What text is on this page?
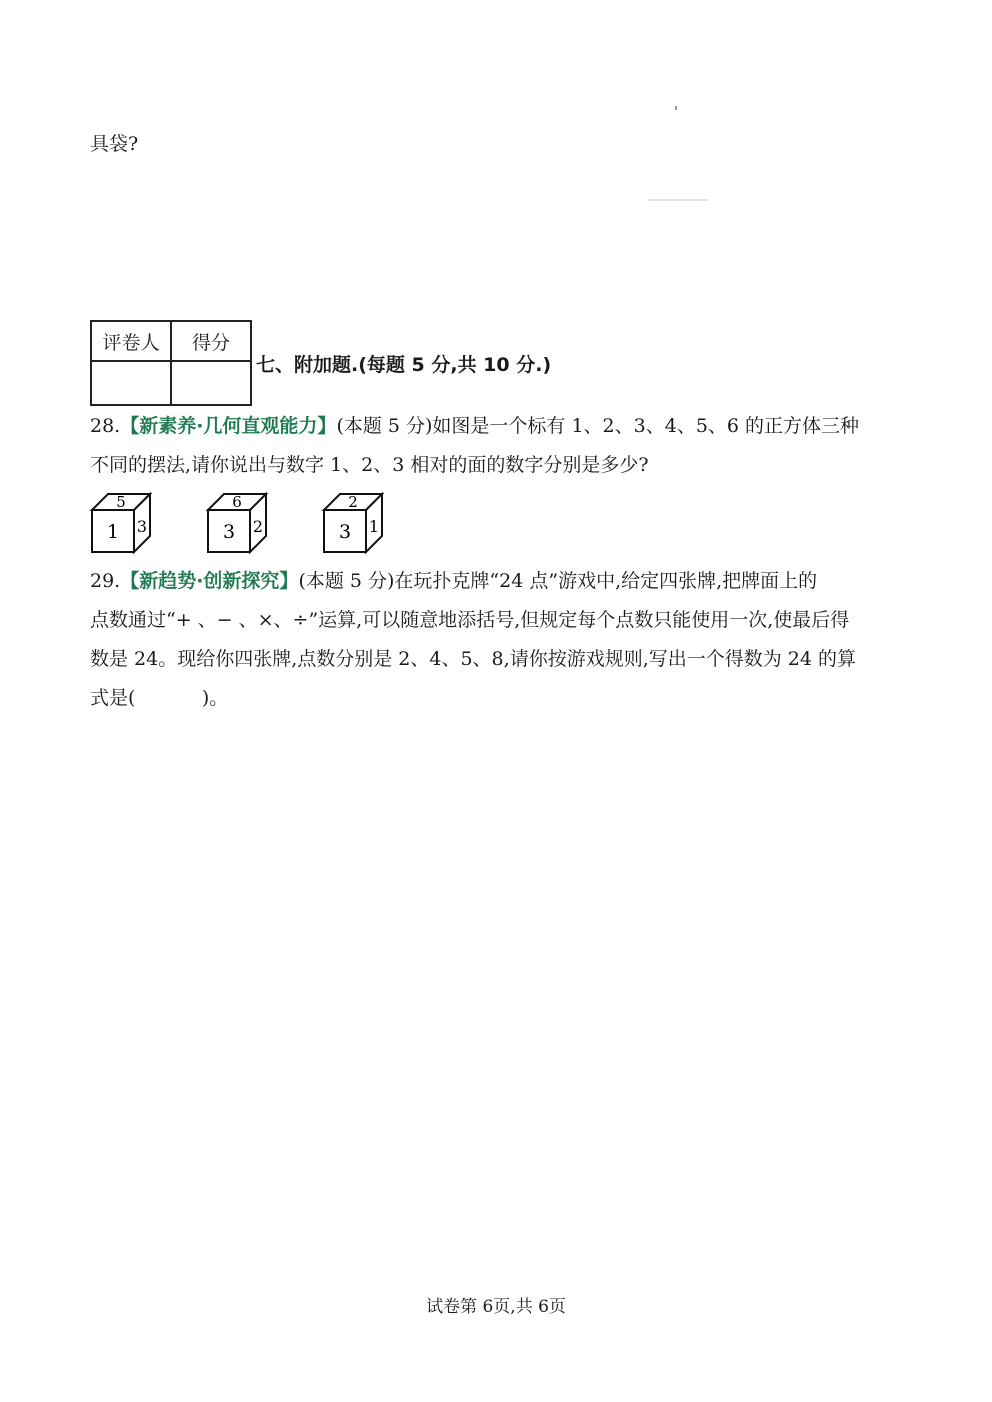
具袋?
评卷人	得分

七、附加题.(每题 5 分,共 10 分.)
28.【新素养·几何直观能力】(本题 5 分)如图是一个标有 1、2、3、4、5、6 的正方体三种
不同的摆法,请你说出与数字 1、2、3 相对的面的数字分别是多少?
5
1 3
6
3 2
2
3 1
29.【新趋势·创新探究】(本题 5 分)在玩扑克牌“24 点”游戏中,给定四张牌,把牌面上的
点数通过“+ 、− 、×、÷”运算,可以随意地添括号,但规定每个点数只能使用一次,使最后得
数是 24。现给你四张牌,点数分别是 2、4、5、8,请你按游戏规则,写出一个得数为 24 的算
式是(           )。
试卷第 6页,共 6页
